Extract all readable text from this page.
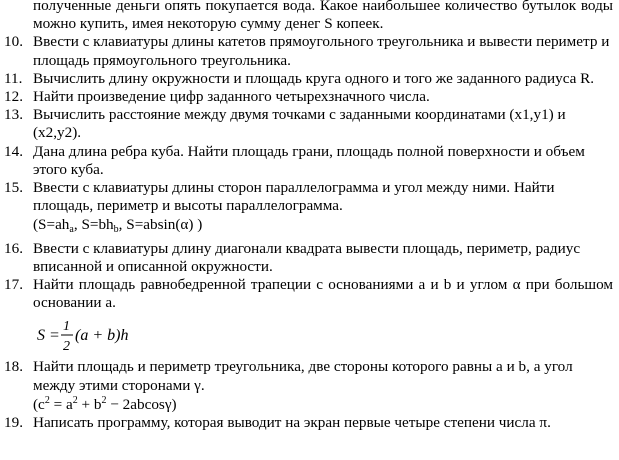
полученные деньги опять покупается вода. Какое наибольшее количество бутылок воды можно купить, имея некоторую сумму денег S копеек.
10. Ввести с клавиатуры длины катетов прямоугольного треугольника и вывести периметр и площадь прямоугольного треугольника.
11. Вычислить длину окружности и площадь круга одного и того же заданного радиуса R.
12. Найти произведение цифр заданного четырехзначного числа.
13. Вычислить расстояние между двумя точками с заданными координатами (x1,y1) и (x2,y2).
14. Дана длина ребра куба. Найти площадь грани, площадь полной поверхности и объем этого куба.
15. Ввести с клавиатуры длины сторон параллелограмма и угол между ними. Найти площадь, периметр и высоты параллелограмма.
($S=ah_a$, $S=bh_b$, S=absin(α) )
16. Ввести с клавиатуры длину диагонали квадрата вывести площадь, периметр, радиус вписанной и описанной окружности.
17. Найти площадь равнобедренной трапеции с основаниями a и b и углом α при большом основании a.
S =
1
2
(a + b)h
18. Найти площадь и периметр треугольника, две стороны которого равны a и b, а угол между этими сторонами γ.
$(c^2 = a^2 + b^2 - 2abcos\gamma)$
19. Написать программу, которая выводит на экран первые четыре степени числа π.
